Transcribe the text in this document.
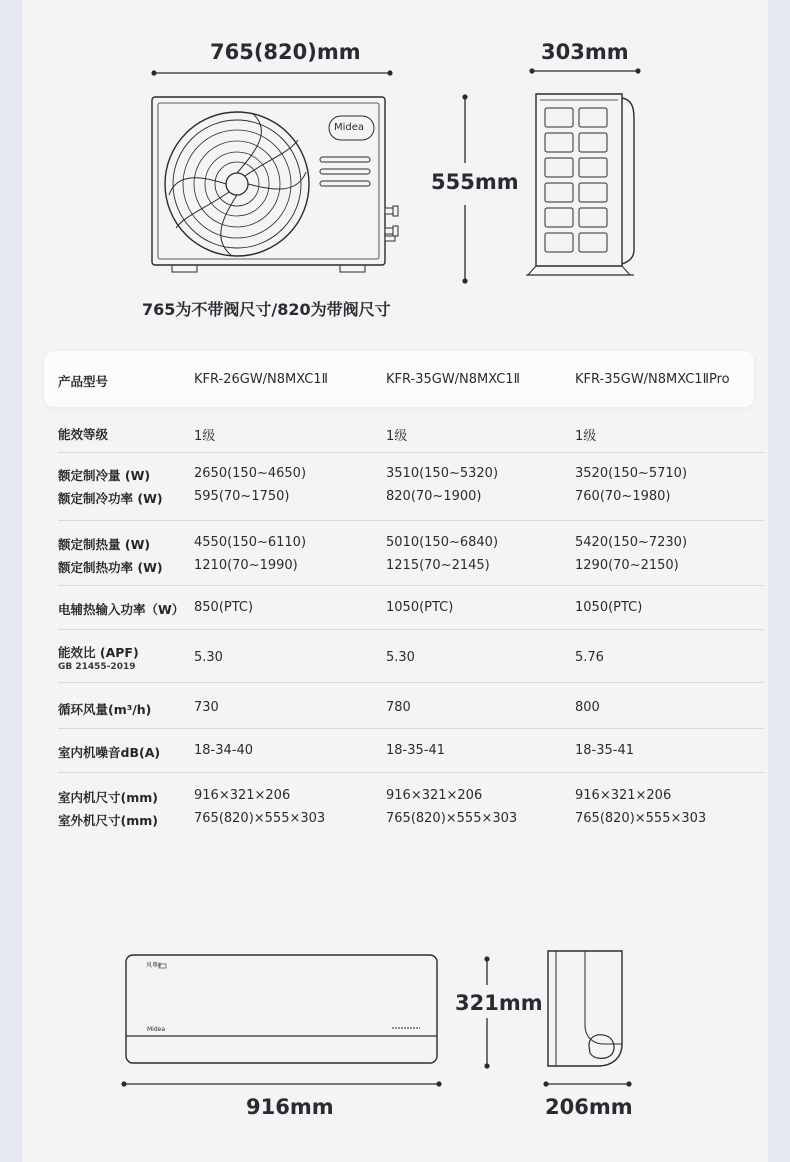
765(820)mm	303mm
555mm
Midea
765为不带阀尺寸/820为带阀尺寸
产品型号	KFR-26GW/N8MXC1Ⅱ	KFR-35GW/N8MXC1Ⅱ	KFR-35GW/N8MXC1ⅡPro
能效等级	1级	1级	1级
额定制冷量 (W)	2650(150~4650)	3510(150~5320)	3520(150~5710)
额定制冷功率 (W) 595(70~1750)	820(70~1900)	760(70~1980)
额定制热量 (W)	4550(150~6110)	5010(150~6840)	5420(150~7230)
额定制热功率 (W) 1210(70~1990)	1215(70~2145)	1290(70~2150)
电辅热输入功率（W） 850(PTC)	1050(PTC)	1050(PTC)
能效比 (APF)
GB 21455-2019
5.30	5.30	5.76
循环风量(m³/h)	730	780	800
室内机噪音dB(A)	18-34-40	18-35-41	18-35-41
室内机尺寸(mm)	916×321×206	916×321×206	916×321×206
室外机尺寸(mm)	765(820)×555×303	765(820)×555×303	765(820)×555×303
风尊Ⅱ
Midea
916mm
321mm
206mm
